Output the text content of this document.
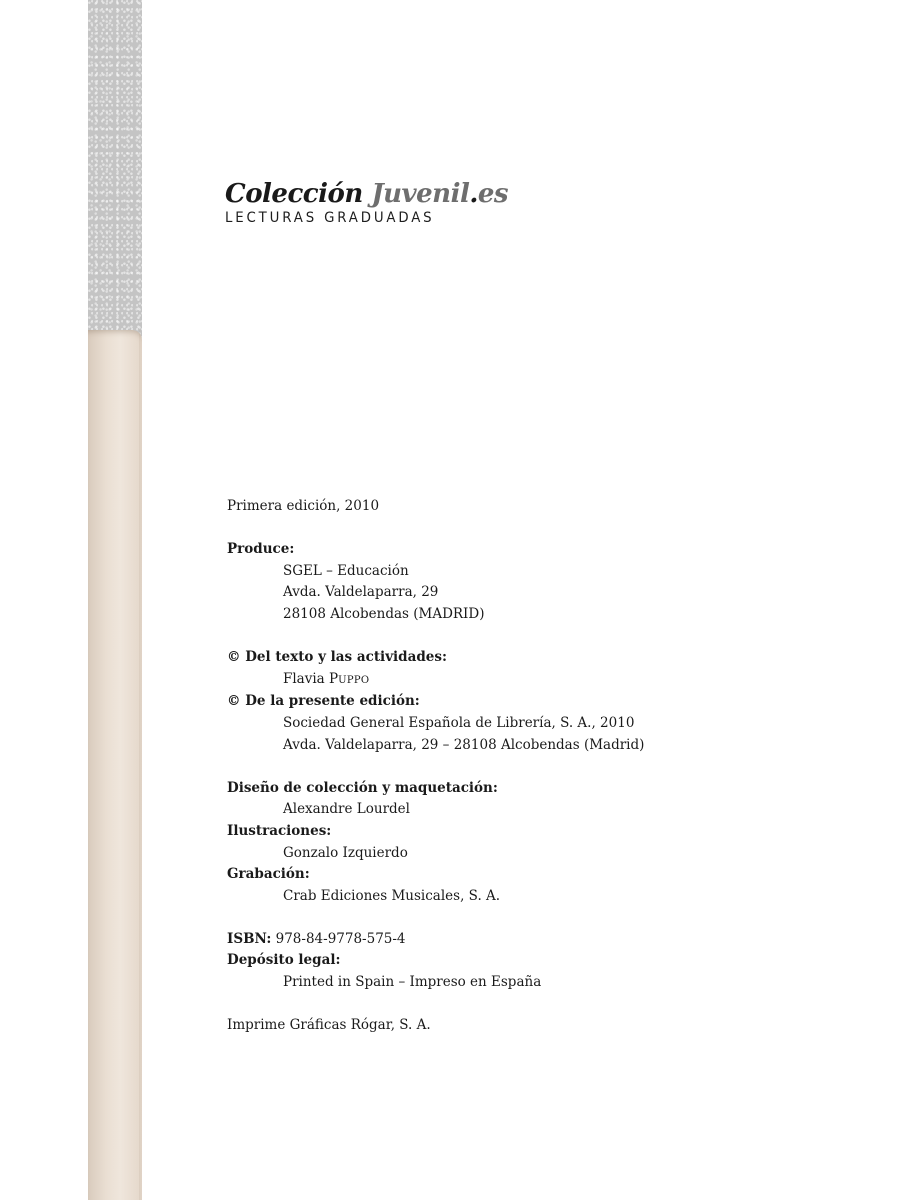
Colección Juvenil.es
LECTURAS GRADUADAS

Primera edición, 2010

Produce:

SGEL – Educación

Avda. Valdelaparra, 29

28108 Alcobendas (MADRID)

© Del texto y las actividades:

Flavia PUPPO

© De la presente edición:

Sociedad General Española de Librería, S. A., 2010

Avda. Valdelaparra, 29 – 28108 Alcobendas (Madrid)

Diseño de colección y maquetación:

Alexandre Lourdel

Ilustraciones:

Gonzalo Izquierdo

Grabación:

Crab Ediciones Musicales, S. A.

ISBN: 978-84-9778-575-4

Depósito legal:

Printed in Spain – Impreso en España

Imprime Gráficas Rógar, S. A.
